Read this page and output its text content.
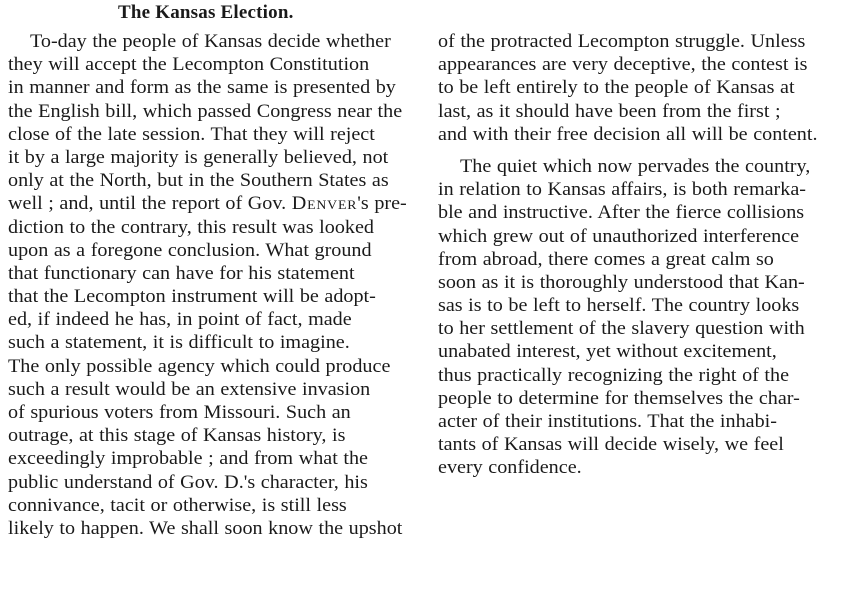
The Kansas Election.
To-day the people of Kansas decide whether
they will accept the Lecompton Constitution
in manner and form as the same is presented by
the English bill, which passed Congress near the
close of the late session. That they will reject
it by a large majority is generally believed, not
only at the North, but in the Southern States as
well ; and, until the report of Gov. Denver's pre-
diction to the contrary, this result was looked
upon as a foregone conclusion. What ground
that functionary can have for his statement
that the Lecompton instrument will be adopt-
ed, if indeed he has, in point of fact, made
such a statement, it is difficult to imagine.
The only possible agency which could produce
such a result would be an extensive invasion
of spurious voters from Missouri. Such an
outrage, at this stage of Kansas history, is
exceedingly improbable ; and from what the
public understand of Gov. D.'s character, his
connivance, tacit or otherwise, is still less
likely to happen. We shall soon know the upshot
of the protracted Lecompton struggle. Unless
appearances are very deceptive, the contest is
to be left entirely to the people of Kansas at
last, as it should have been from the first ;
and with their free decision all will be content.
The quiet which now pervades the country,
in relation to Kansas affairs, is both remarka-
ble and instructive. After the fierce collisions
which grew out of unauthorized interference
from abroad, there comes a great calm so
soon as it is thoroughly understood that Kan-
sas is to be left to herself. The country looks
to her settlement of the slavery question with
unabated interest, yet without excitement,
thus practically recognizing the right of the
people to determine for themselves the char-
acter of their institutions. That the inhabi-
tants of Kansas will decide wisely, we feel
every confidence.
